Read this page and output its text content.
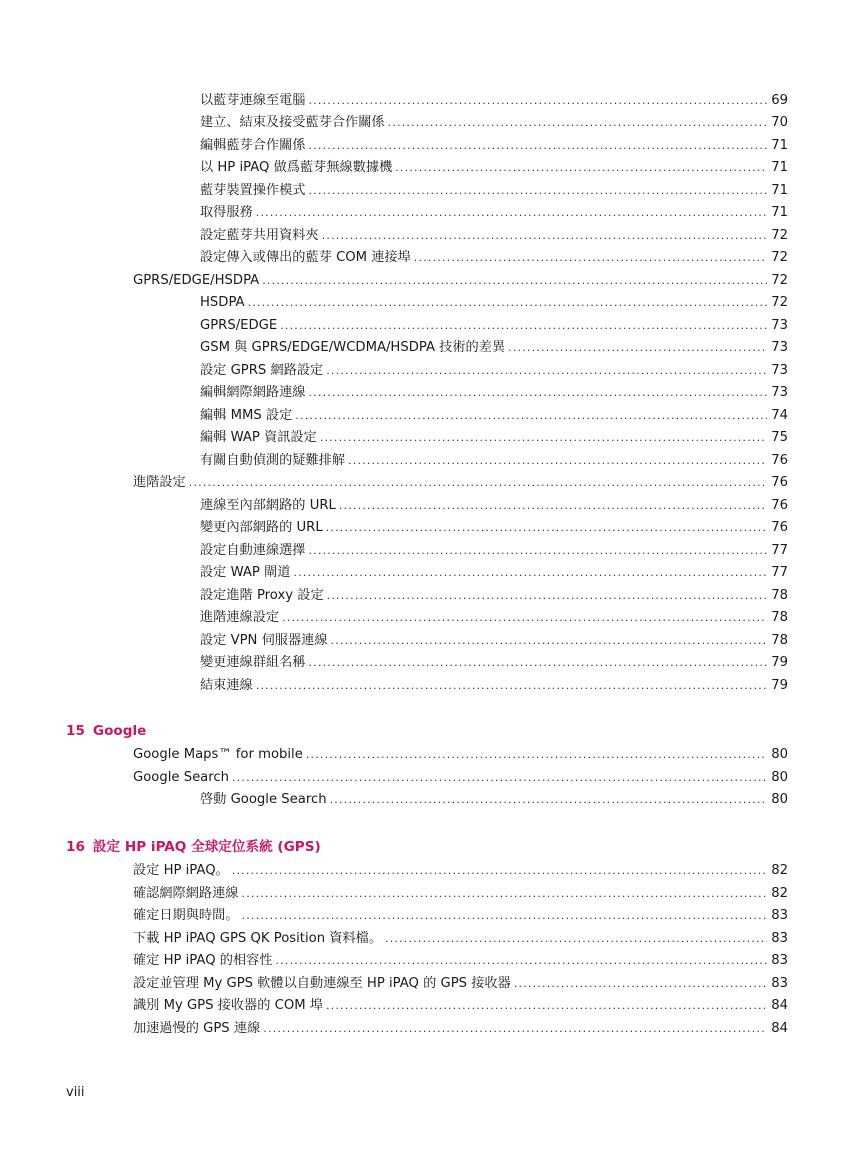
以藍芽連線至電腦 .....	69
建立、結束及接受藍芽合作關係 .....	70
編輯藍芽合作關係 .....	71
以 HP iPAQ 做爲藍芽無線數據機 .....	71
藍芽裝置操作模式 .....	71
取得服務 .....	71
設定藍芽共用資料夾 .....	72
設定傳入或傳出的藍芽 COM 連接埠 .....	72
GPRS/EDGE/HSDPA .....	72
HSDPA .....	72
GPRS/EDGE .....	73
GSM 與 GPRS/EDGE/WCDMA/HSDPA 技術的差異 .....	73
設定 GPRS 網路設定 .....	73
編輯網際網路連線 .....	73
編輯 MMS 設定 .....	74
編輯 WAP 資訊設定 .....	75
有關自動偵測的疑難排解 .....	76
進階設定 .....	76
連線至內部網路的 URL .....	76
變更內部網路的 URL .....	76
設定自動連線選擇 .....	77
設定 WAP 閘道 .....	77
設定進階 Proxy 設定 .....	78
進階連線設定 .....	78
設定 VPN 伺服器連線 .....	78
變更連線群組名稱 .....	79
結束連線 .....	79
15 Google
Google Maps™ for mobile .....	80
Google Search .....	80
啓動 Google Search .....	80
16 設定 HP iPAQ 全球定位系統 (GPS)
設定 HP iPAQ。 .....	82
確認網際網路連線 .....	82
確定日期與時間。 .....	83
下載 HP iPAQ GPS QK Position 資料檔。 .....	83
確定 HP iPAQ 的相容性 .....	83
設定並管理 My GPS 軟體以自動連線至 HP iPAQ 的 GPS 接收器 .....	83
識別 My GPS 接收器的 COM 埠 .....	84
加速過慢的 GPS 連線 .....	84
viii
